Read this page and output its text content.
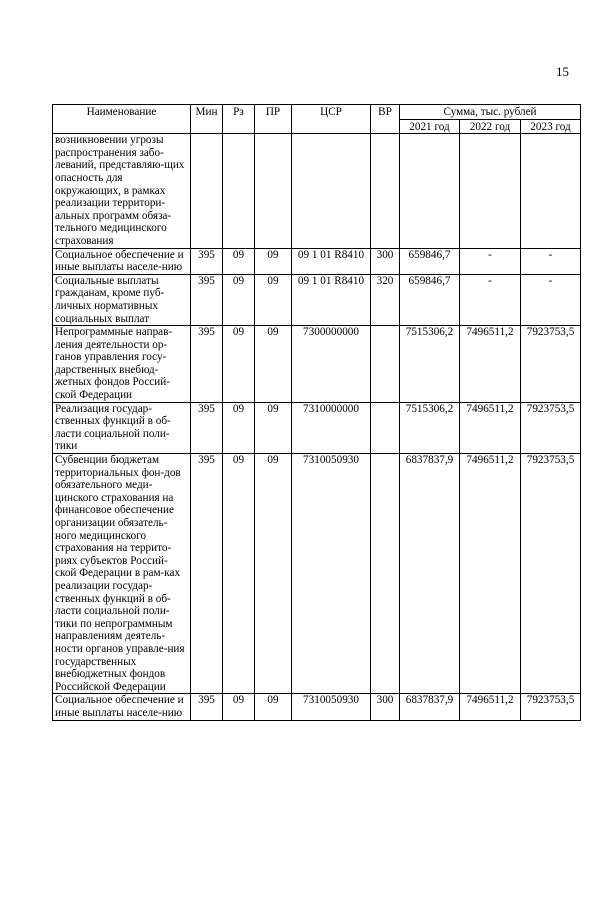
15
Наименование	Мин	Рз	ПР	ЦСР	ВР	Сумма, тыс. рублей		
						2021 год	2022 год	2023 год
возникновении угрозы распространения забо-леваний, представляю-щих опасность для окружающих, в рамках реализации территори-альных программ обяза-тельного медицинского страхования								
Социальное обеспечение и иные выплаты населе-нию	395	09	09	09 1 01 R8410	300	659846,7	-	-
Социальные выплаты гражданам, кроме пуб-личных нормативных социальных выплат	395	09	09	09 1 01 R8410	320	659846,7	-	-
Непрограммные направ-ления деятельности ор-ганов управления госу-дарственных внебюд-жетных фондов Россий-ской Федерации	395	09	09	7300000000		7515306,2	7496511,2	7923753,5
Реализация государ-ственных функций в об-ласти социальной поли-тики	395	09	09	7310000000		7515306,2	7496511,2	7923753,5
Субвенции бюджетам территориальных фон-дов обязательного меди-цинского страхования на финансовое обеспечение организации обязатель-ного медицинского страхования на террито-риях субъектов Россий-ской Федерации в рам-ках реализации государ-ственных функций в об-ласти социальной поли-тики по непрограммным направлениям деятель-ности органов управле-ния государственных внебюджетных фондов Российской Федерации	395	09	09	7310050930		6837837,9	7496511,2	7923753,5
Социальное обеспечение и иные выплаты населе-нию	395	09	09	7310050930	300	6837837,9	7496511,2	7923753,5
